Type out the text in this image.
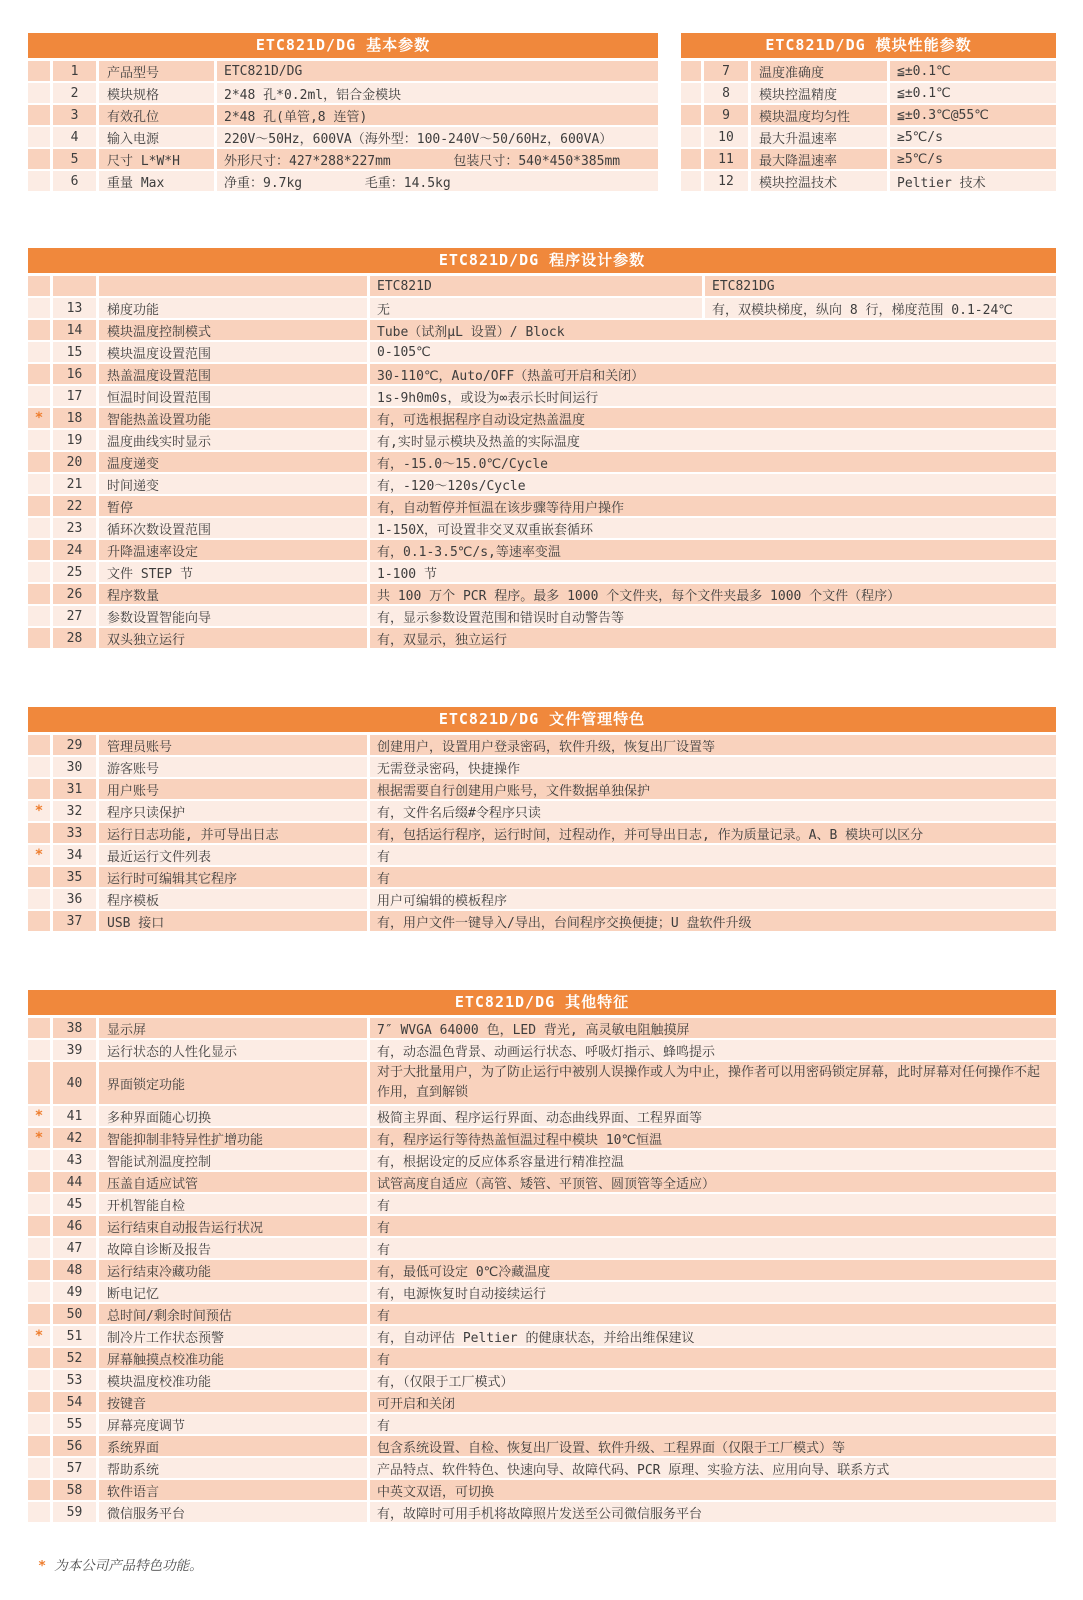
ETC821D/DG 基本参数
1	产品型号	ETC821D/DG
2	模块规格	2*48 孔*0.2ml，铝合金模块
3	有效孔位	2*48 孔(单管,8 连管)
4	输入电源	220V～50Hz，600VA（海外型：100-240V～50/60Hz，600VA）
5	尺寸 L*W*H	外形尺寸：427*288*227mm        包装尺寸：540*450*385mm
6	重量 Max	净重：9.7kg        毛重：14.5kg
ETC821D/DG 模块性能参数
7	温度准确度	≦±0.1℃
8	模块控温精度	≦±0.1℃
9	模块温度均匀性	≦±0.3℃@55℃
10	最大升温速率	≥5℃/s
11	最大降温速率	≥5℃/s
12	模块控温技术	Peltier 技术
ETC821D/DG 程序设计参数
ETC821D	ETC821DG
13	梯度功能	无	有，双模块梯度，纵向 8 行，梯度范围 0.1-24℃
14	模块温度控制模式	Tube（试剂μL 设置）/ Block
15	模块温度设置范围	0-105℃
16	热盖温度设置范围	30-110℃，Auto/OFF（热盖可开启和关闭）
17	恒温时间设置范围	1s-9h0m0s，或设为∞表示长时间运行
*	18	智能热盖设置功能	有，可选根据程序自动设定热盖温度
19	温度曲线实时显示	有,实时显示模块及热盖的实际温度
20	温度递变	有，-15.0～15.0℃/Cycle
21	时间递变	有，-120～120s/Cycle
22	暂停	有，自动暂停并恒温在该步骤等待用户操作
23	循环次数设置范围	1-150X，可设置非交叉双重嵌套循环
24	升降温速率设定	有，0.1-3.5℃/s,等速率变温
25	文件 STEP 节	1-100 节
26	程序数量	共 100 万个 PCR 程序。最多 1000 个文件夹，每个文件夹最多 1000 个文件（程序）
27	参数设置智能向导	有，显示参数设置范围和错误时自动警告等
28	双头独立运行	有，双显示，独立运行
ETC821D/DG 文件管理特色
29	管理员账号	创建用户，设置用户登录密码，软件升级，恢复出厂设置等
30	游客账号	无需登录密码，快捷操作
31	用户账号	根据需要自行创建用户账号，文件数据单独保护
*	32	程序只读保护	有，文件名后缀#令程序只读
33	运行日志功能, 并可导出日志	有，包括运行程序，运行时间，过程动作，并可导出日志, 作为质量记录。A、B 模块可以区分
*	34	最近运行文件列表	有
35	运行时可编辑其它程序	有
36	程序模板	用户可编辑的模板程序
37	USB 接口	有，用户文件一键导入/导出，台间程序交换便捷；U 盘软件升级
ETC821D/DG 其他特征
38	显示屏	7″ WVGA 64000 色，LED 背光, 高灵敏电阻触摸屏
39	运行状态的人性化显示	有，动态温色背景、动画运行状态、呼吸灯指示、蜂鸣提示
40	界面锁定功能
对于大批量用户，为了防止运行中被别人误操作或人为中止，操作者可以用密码锁定屏幕，此时屏幕对任何操作不起作用，直到解锁
*	41	多种界面随心切换	极简主界面、程序运行界面、动态曲线界面、工程界面等
*	42	智能抑制非特异性扩增功能	有，程序运行等待热盖恒温过程中模块 10℃恒温
43	智能试剂温度控制	有，根据设定的反应体系容量进行精准控温
44	压盖自适应试管	试管高度自适应（高管、矮管、平顶管、圆顶管等全适应）
45	开机智能自检	有
46	运行结束自动报告运行状况	有
47	故障自诊断及报告	有
48	运行结束冷藏功能	有，最低可设定 0℃冷藏温度
49	断电记忆	有，电源恢复时自动接续运行
50	总时间/剩余时间预估	有
*	51	制冷片工作状态预警	有，自动评估 Peltier 的健康状态，并给出维保建议
52	屏幕触摸点校准功能	有
53	模块温度校准功能	有，（仅限于工厂模式）
54	按键音	可开启和关闭
55	屏幕亮度调节	有
56	系统界面	包含系统设置、自检、恢复出厂设置、软件升级、工程界面（仅限于工厂模式）等
57	帮助系统	产品特点、软件特色、快速向导、故障代码、PCR 原理、实验方法、应用向导、联系方式
58	软件语言	中英文双语，可切换
59	微信服务平台	有，故障时可用手机将故障照片发送至公司微信服务平台
* 为本公司产品特色功能。
